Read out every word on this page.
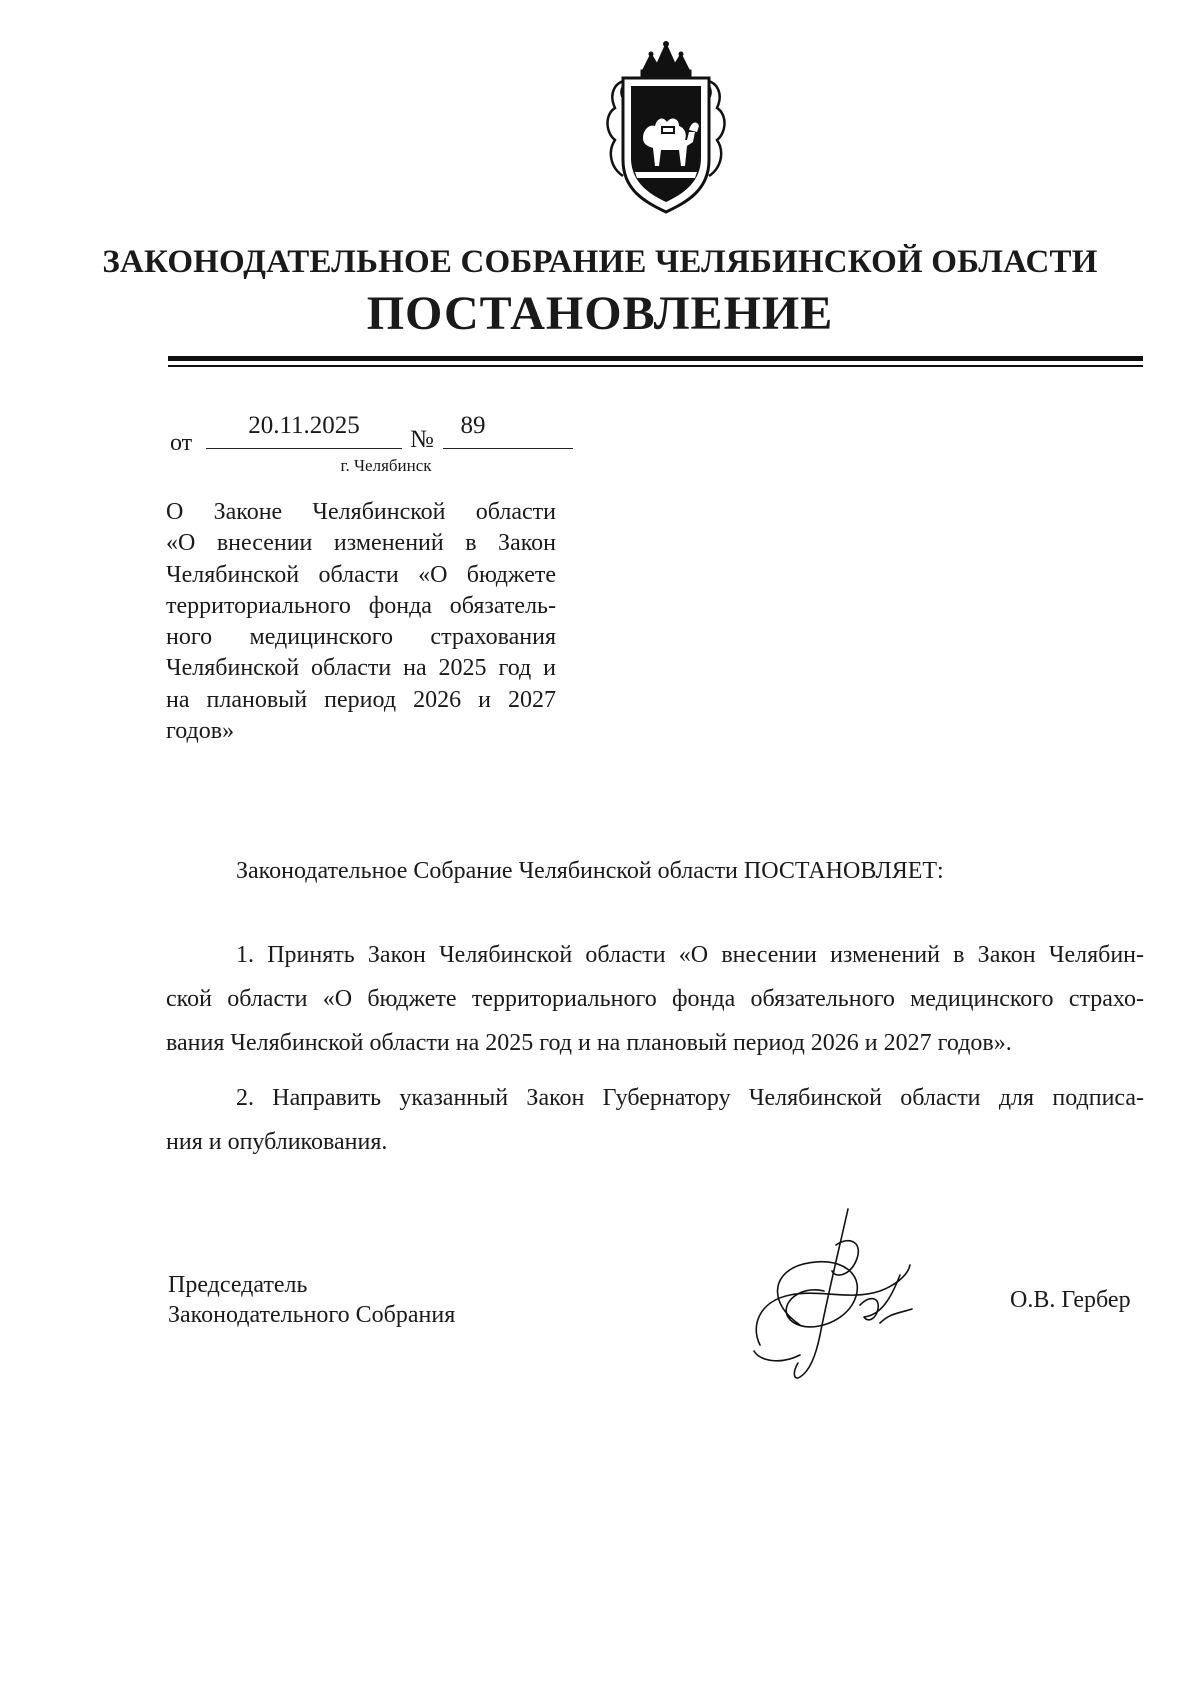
ЗАКОНОДАТЕЛЬНОЕ СОБРАНИЕ ЧЕЛЯБИНСКОЙ ОБЛАСТИ
ПОСТАНОВЛЕНИЕ
от
20.11.2025
№
89
г. Челябинск
О Законе Челябинской области
«О внесении изменений в Закон
Челябинской области «О бюджете
территориального фонда обязатель-
ного медицинского страхования
Челябинской области на 2025 год и
на плановый период 2026 и 2027
годов»
Законодательное Собрание Челябинской области ПОСТАНОВЛЯЕТ:
1. Принять Закон Челябинской области «О внесении изменений в Закон Челябин-
ской области «О бюджете территориального фонда обязательного медицинского страхо-
вания Челябинской области на 2025 год и на плановый период 2026 и 2027 годов».
2. Направить указанный Закон Губернатору Челябинской области для подписа-
ния и опубликования.
Председатель
Законодательного Собрания
О.В. Гербер
